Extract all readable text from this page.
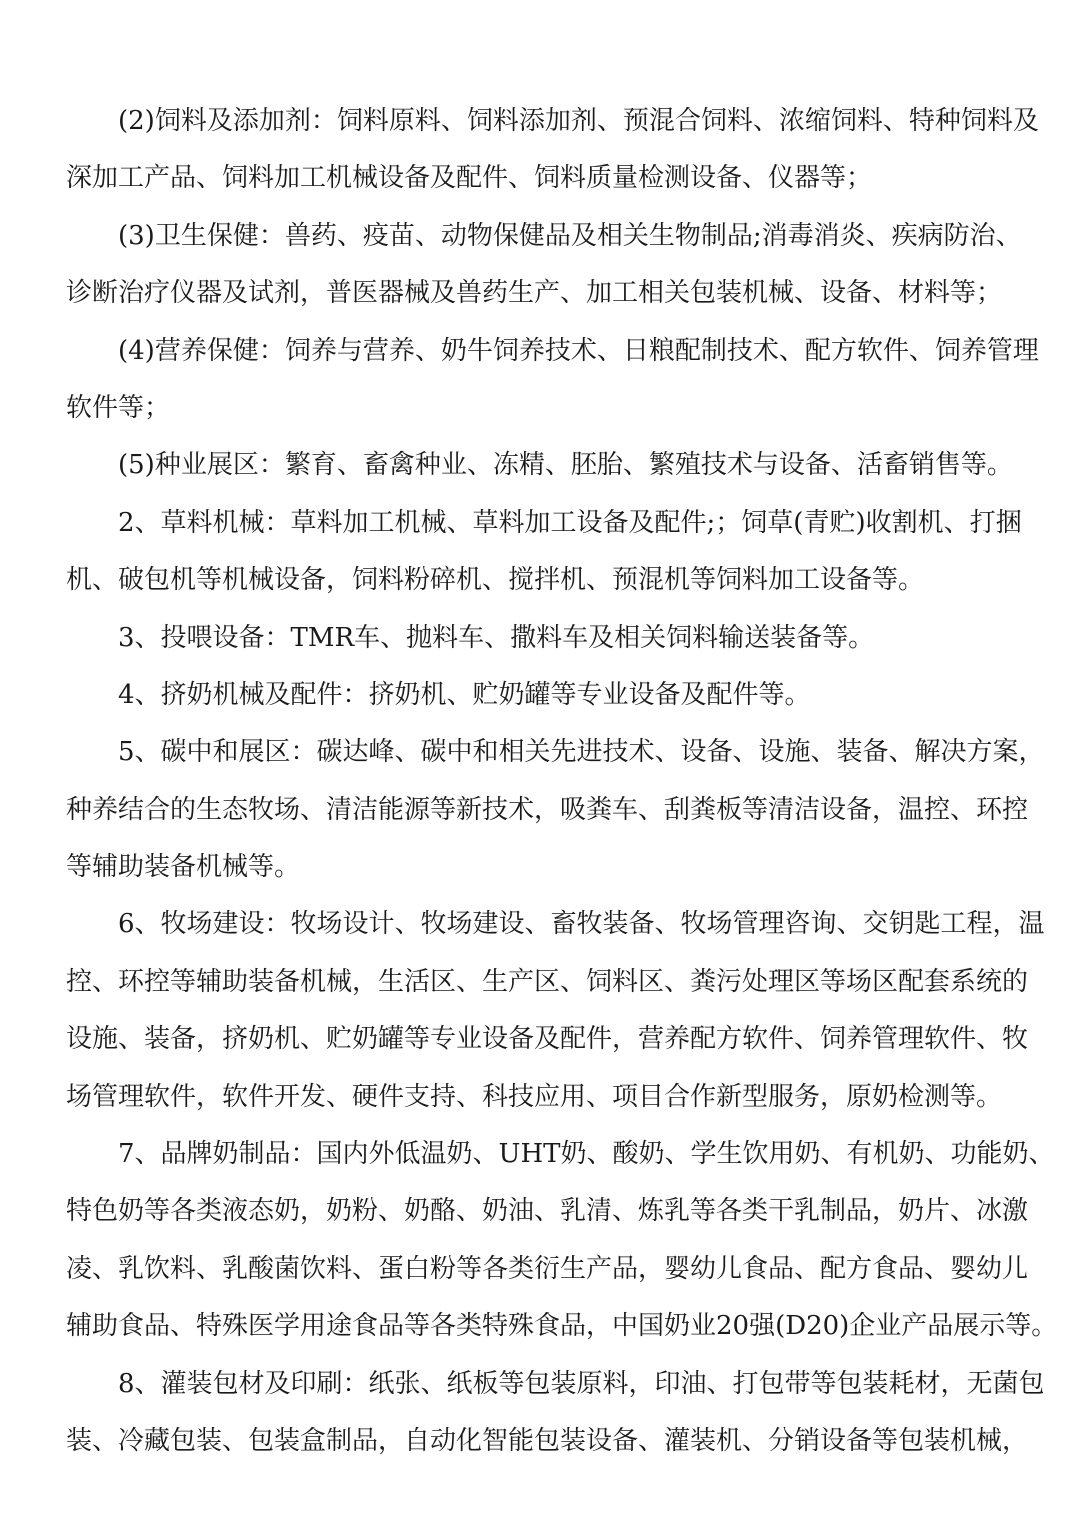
(2)饲料及添加剂：饲料原料、饲料添加剂、预混合饲料、浓缩饲料、特种饲料及
深加工产品、饲料加工机械设备及配件、饲料质量检测设备、仪器等；
(3)卫生保健：兽药、疫苗、动物保健品及相关生物制品;消毒消炎、疾病防治、
诊断治疗仪器及试剂，普医器械及兽药生产、加工相关包装机械、设备、材料等；
(4)营养保健：饲养与营养、奶牛饲养技术、日粮配制技术、配方软件、饲养管理
软件等；
(5)种业展区：繁育、畜禽种业、冻精、胚胎、繁殖技术与设备、活畜销售等。
2、草料机械：草料加工机械、草料加工设备及配件;；饲草(青贮)收割机、打捆
机、破包机等机械设备，饲料粉碎机、搅拌机、预混机等饲料加工设备等。
3、投喂设备：TMR车、抛料车、撒料车及相关饲料输送装备等。
4、挤奶机械及配件：挤奶机、贮奶罐等专业设备及配件等。
5、碳中和展区：碳达峰、碳中和相关先进技术、设备、设施、装备、解决方案，
种养结合的生态牧场、清洁能源等新技术，吸粪车、刮粪板等清洁设备，温控、环控
等辅助装备机械等。
6、牧场建设：牧场设计、牧场建设、畜牧装备、牧场管理咨询、交钥匙工程，温
控、环控等辅助装备机械，生活区、生产区、饲料区、粪污处理区等场区配套系统的
设施、装备，挤奶机、贮奶罐等专业设备及配件，营养配方软件、饲养管理软件、牧
场管理软件，软件开发、硬件支持、科技应用、项目合作新型服务，原奶检测等。
7、品牌奶制品：国内外低温奶、UHT奶、酸奶、学生饮用奶、有机奶、功能奶、
特色奶等各类液态奶，奶粉、奶酪、奶油、乳清、炼乳等各类干乳制品，奶片、冰激
凌、乳饮料、乳酸菌饮料、蛋白粉等各类衍生产品，婴幼儿食品、配方食品、婴幼儿
辅助食品、特殊医学用途食品等各类特殊食品，中国奶业20强(D20)企业产品展示等。
8、灌装包材及印刷：纸张、纸板等包装原料，印油、打包带等包装耗材，无菌包
装、冷藏包装、包装盒制品，自动化智能包装设备、灌装机、分销设备等包装机械，
